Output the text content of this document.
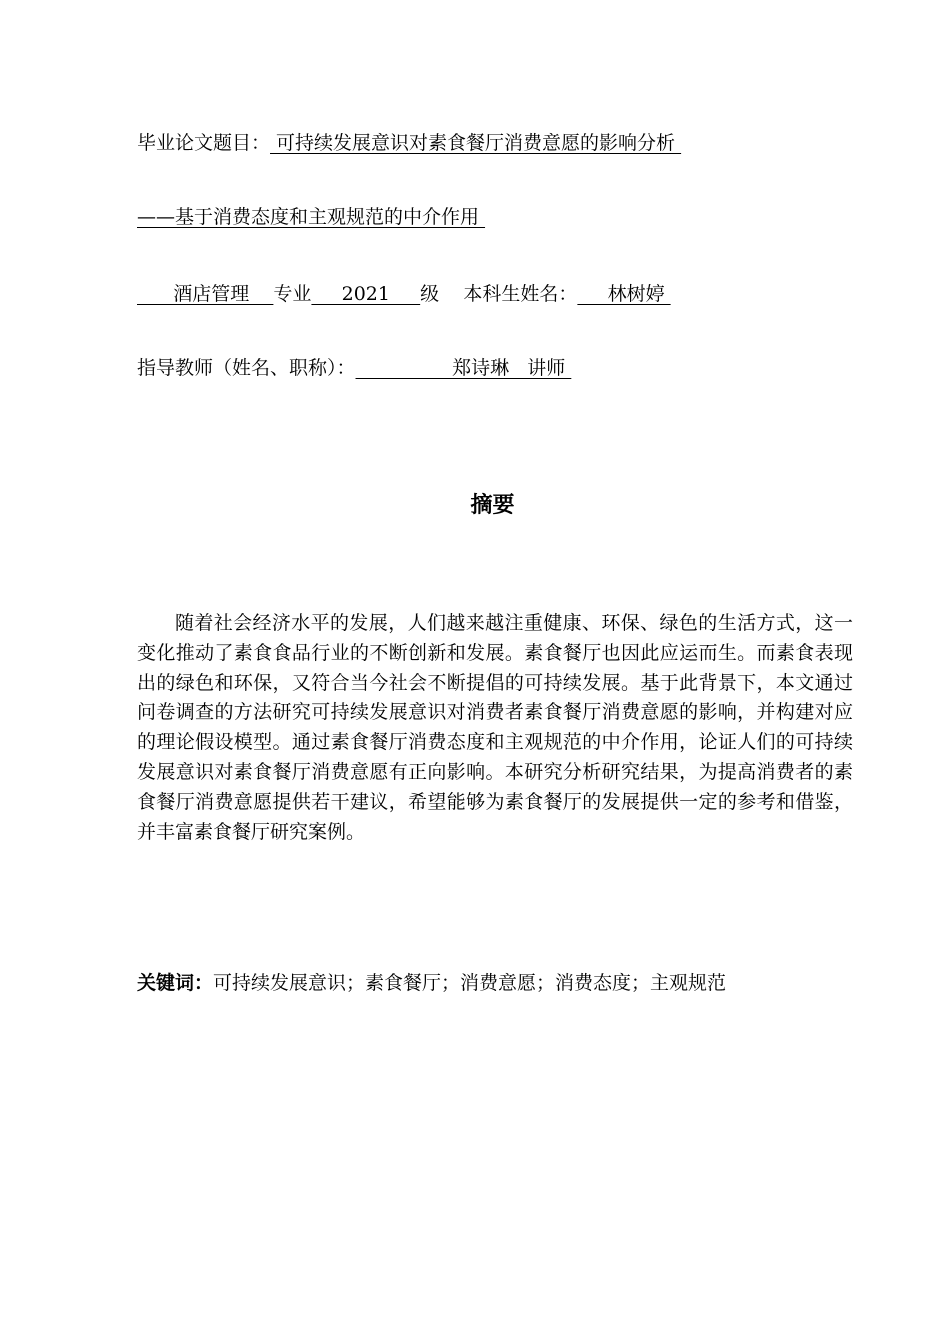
毕业论文题目： 可持续发展意识对素食餐厅消费意愿的影响分析
——基于消费态度和主观规范的中介作用
酒店管理    专业     2021     级 本科生姓名：     林树婷
指导教师（姓名、职称）：                郑诗琳   讲师
摘要
随着社会经济水平的发展，人们越来越注重健康、环保、绿色的生活方式，这一变化推动了素食食品行业的不断创新和发展。素食餐厅也因此应运而生。而素食表现出的绿色和环保，又符合当今社会不断提倡的可持续发展。基于此背景下，本文通过问卷调查的方法研究可持续发展意识对消费者素食餐厅消费意愿的影响，并构建对应的理论假设模型。通过素食餐厅消费态度和主观规范的中介作用，论证人们的可持续发展意识对素食餐厅消费意愿有正向影响。本研究分析研究结果，为提高消费者的素食餐厅消费意愿提供若干建议，希望能够为素食餐厅的发展提供一定的参考和借鉴，并丰富素食餐厅研究案例。
关键词：可持续发展意识；素食餐厅；消费意愿；消费态度；主观规范
